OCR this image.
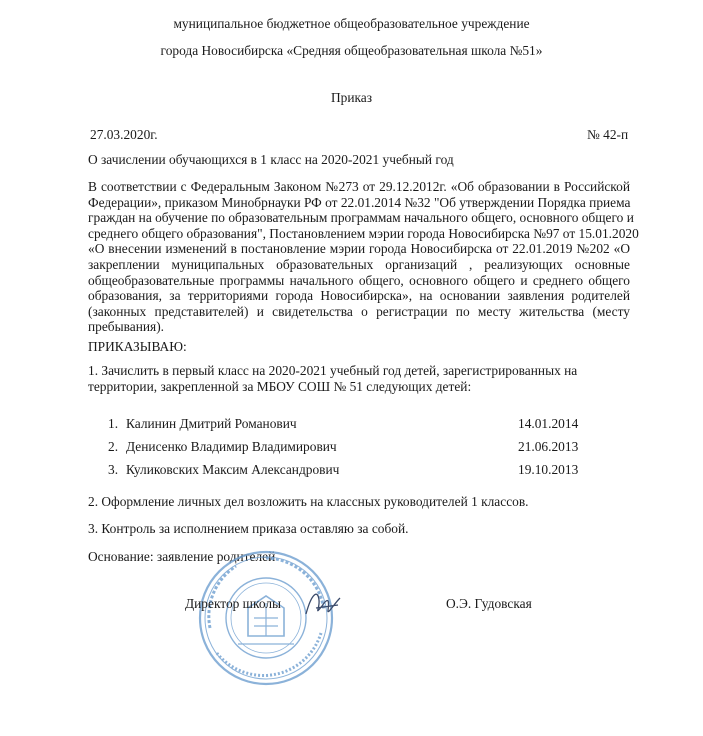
муниципальное бюджетное общеобразовательное учреждение
города Новосибирска «Средняя общеобразовательная школа №51»
Приказ
27.03.2020г.	№ 42-п
О зачислении обучающихся в 1 класс на 2020-2021 учебный год
В соответствии с Федеральным Законом №273 от 29.12.2012г. «Об образовании в Российской
Федерации», приказом Минобрнауки РФ от 22.01.2014 №32 "Об утверждении Порядка приема
граждан на обучение по образовательным программам начального общего, основного общего и
среднего общего образования", Постановлением мэрии города Новосибирска №97 от 15.01.2020
«О внесении изменений в постановление мэрии города Новосибирска от 22.01.2019 №202 «О
закреплении муниципальных образовательных организаций , реализующих основные
общеобразовательные программы начального общего, основного общего и среднего общего
образования, за территориями города Новосибирска», на основании заявления родителей
(законных представителей) и свидетельства о регистрации по месту жительства (месту
пребывания).
ПРИКАЗЫВАЮ:
1. Зачислить в первый класс на 2020-2021 учебный год детей, зарегистрированных на
территории, закрепленной за МБОУ СОШ № 51 следующих детей:
1. Калинин Дмитрий Романович	14.01.2014
2. Денисенко Владимир Владимирович	21.06.2013
3. Куликовских Максим Александрович	19.10.2013
2. Оформление личных дел возложить на классных руководителей 1 классов.
3. Контроль за исполнением приказа оставляю за собой.
Основание: заявление родителей
Директор школы	О.Э. Гудовская
